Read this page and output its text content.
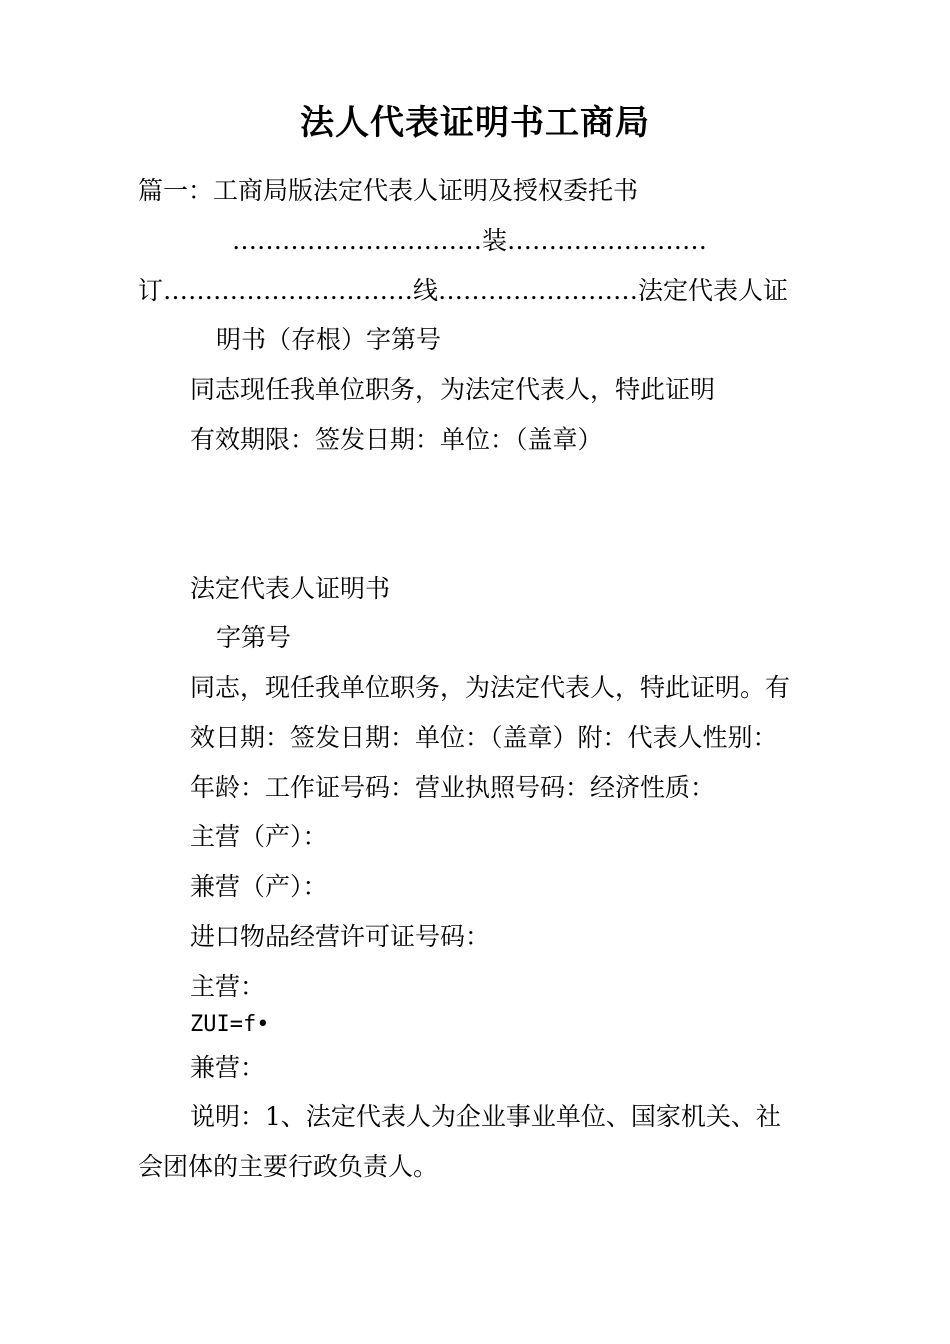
法人代表证明书工商局
篇一：工商局版法定代表人证明及授权委托书
…………………………装……………………
订…………………………线……………………法定代表人证
明书（存根）字第号
同志现任我单位职务，为法定代表人，特此证明
有效期限：签发日期：单位：（盖章）
法定代表人证明书
字第号
同志，现任我单位职务，为法定代表人，特此证明。有
效日期：签发日期：单位：（盖章）附：代表人性别：
年龄：工作证号码：营业执照号码：经济性质：
主营（产）：
兼营（产）：
进口物品经营许可证号码：
主营：
ZUI=f•
兼营：
说明：1、法定代表人为企业事业单位、国家机关、社
会团体的主要行政负责人。
